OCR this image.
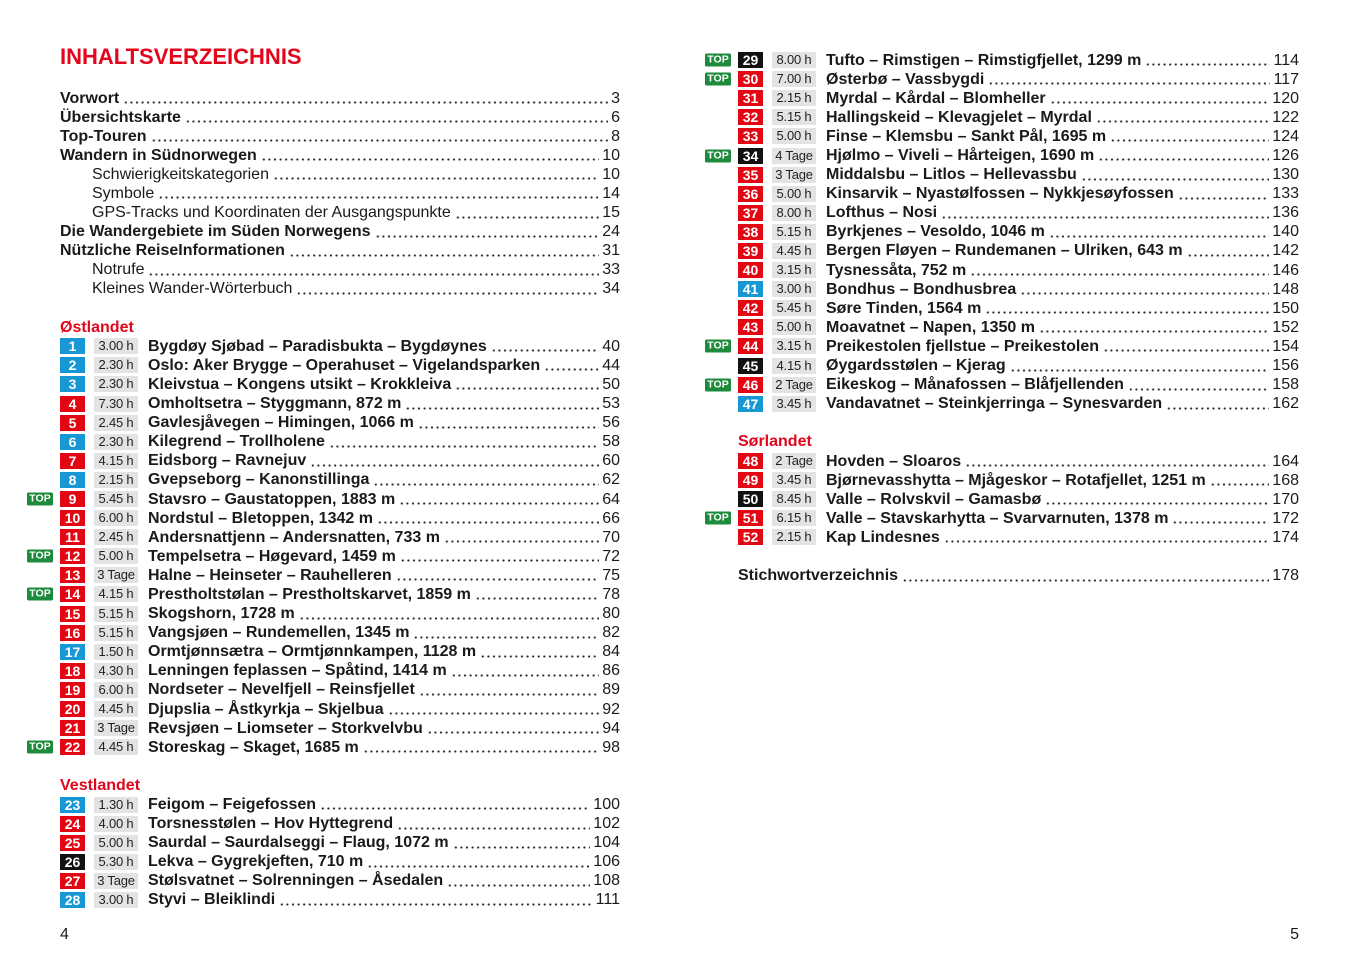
INHALTSVERZEICHNIS
Vorwort	3
Übersichtskarte	6
Top-Touren	8
Wandern in Südnorwegen	10
Schwierigkeitskategorien	10
Symbole	14
GPS-Tracks und Koordinaten der Ausgangspunkte	15
Die Wandergebiete im Süden Norwegens	24
Nützliche ReiseInformationen	31
Notrufe	33
Kleines Wander-Wörterbuch	34
Østlandet
1	3.00 h Bygdøy Sjøbad – Paradisbukta – Bygdøynes	40
2	2.30 h Oslo: Aker Brygge – Operahuset – Vigelandsparken	44
3	2.30 h Kleivstua – Kongens utsikt – Krokkleiva	50
4	7.30 h Omholtsetra – Styggmann, 872 m	53
5	2.45 h Gavlesjåvegen – Himingen, 1066 m	56
6	2.30 h Kilegrend – Trollholene	58
7	4.15 h Eidsborg – Ravnejuv	60
8	2.15 h Gvepseborg – Kanonstillinga	62
TOP	9	5.45 h Stavsro – Gaustatoppen, 1883 m	64
10	6.00 h Nordstul – Bletoppen, 1342 m	66
11	2.45 h Andersnattjenn – Andersnatten, 733 m	70
TOP	12	5.00 h Tempelsetra – Høgevard, 1459 m	72
13	3 Tage Halne – Heinseter – Rauhelleren	75
TOP	14	4.15 h Prestholtstølan – Prestholtskarvet, 1859 m	78
15	5.15 h Skogshorn, 1728 m	80
16	5.15 h Vangsjøen – Rundemellen, 1345 m	82
17	1.50 h Ormtjønnsætra – Ormtjønnkampen, 1128 m	84
18	4.30 h Lenningen feplassen – Spåtind, 1414 m	86
19	6.00 h Nordseter – Nevelfjell – Reinsfjellet	89
20	4.45 h Djupslia – Åstkyrkja – Skjelbua	92
21	3 Tage Revsjøen – Liomseter – Storkvelvbu	94
TOP	22	4.45 h Storeskag – Skaget, 1685 m	98
Vestlandet
23	1.30 h Feigom – Feigefossen	100
24	4.00 h Torsnesstølen – Hov Hyttegrend	102
25	5.00 h Saurdal – Saurdalseggi – Flaug, 1072 m	104
26	5.30 h Lekva – Gygrekjeften, 710 m	106
27	3 Tage Stølsvatnet – Solrenningen – Åsedalen	108
28	3.00 h Styvi – Bleiklindi	111
4
TOP	29	8.00 h Tufto – Rimstigen – Rimstigfjellet, 1299 m	114
TOP	30	7.00 h Østerbø – Vassbygdi	117
31	2.15 h Myrdal – Kårdal – Blomheller	120
32	5.15 h Hallingskeid – Klevagjelet – Myrdal	122
33	5.00 h Finse – Klemsbu – Sankt Pål, 1695 m	124
TOP	34	4 Tage Hjølmo – Viveli – Hårteigen, 1690 m	126
35	3 Tage Middalsbu – Litlos – Hellevassbu	130
36	5.00 h Kinsarvik – Nyastølfossen – Nykkjesøyfossen	133
37	8.00 h Lofthus – Nosi	136
38	5.15 h Byrkjenes – Vesoldo, 1046 m	140
39	4.45 h Bergen Fløyen – Rundemanen – Ulriken, 643 m	142
40	3.15 h Tysnessåta, 752 m	146
41	3.00 h Bondhus – Bondhusbrea	148
42	5.45 h Søre Tinden, 1564 m	150
43	5.00 h Moavatnet – Napen, 1350 m	152
TOP	44	3.15 h Preikestolen fjellstue – Preikestolen	154
45	4.15 h Øygardsstølen – Kjerag	156
TOP	46	2 Tage Eikeskog – Månafossen – Blåfjellenden	158
47	3.45 h Vandavatnet – Steinkjerringa – Synesvarden	162
Sørlandet
48	2 Tage Hovden – Sloaros	164
49	3.45 h Bjørnevasshytta – Mjågeskor – Rotafjellet, 1251 m	168
50	8.45 h Valle – Rolvskvil – Gamasbø	170
TOP	51	6.15 h Valle – Stavskarhytta – Svarvarnuten, 1378 m	172
52	2.15 h Kap Lindesnes	174
Stichwortverzeichnis	178
5
